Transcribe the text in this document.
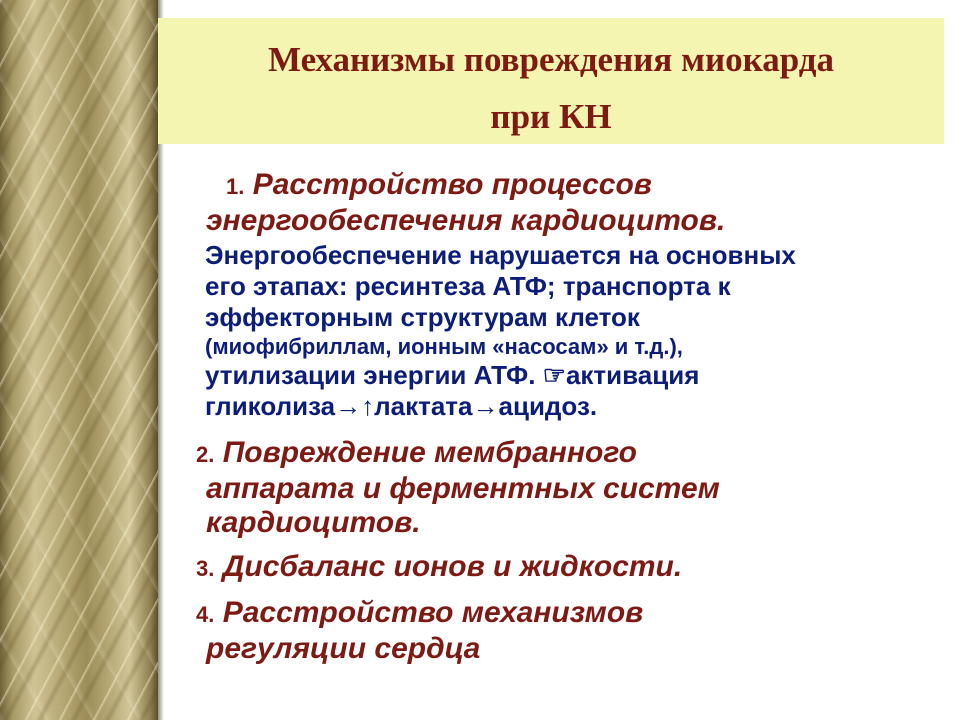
Механизмы повреждения миокарда
при КН
1. Расстройство процессов
энергообеспечения кардиоцитов.
Энергообеспечение нарушается на основных
его этапах: ресинтеза АТФ; транспорта к
эффекторным структурам клеток
(миофибриллам, ионным «насосам» и т.д.),
утилизации энергии АТФ. ☞активация
гликолиза→↑лактата→ацидоз.
2. Повреждение мембранного
аппарата и ферментных систем
кардиоцитов.
3. Дисбаланс ионов и жидкости.
4. Расстройство механизмов
регуляции сердца
